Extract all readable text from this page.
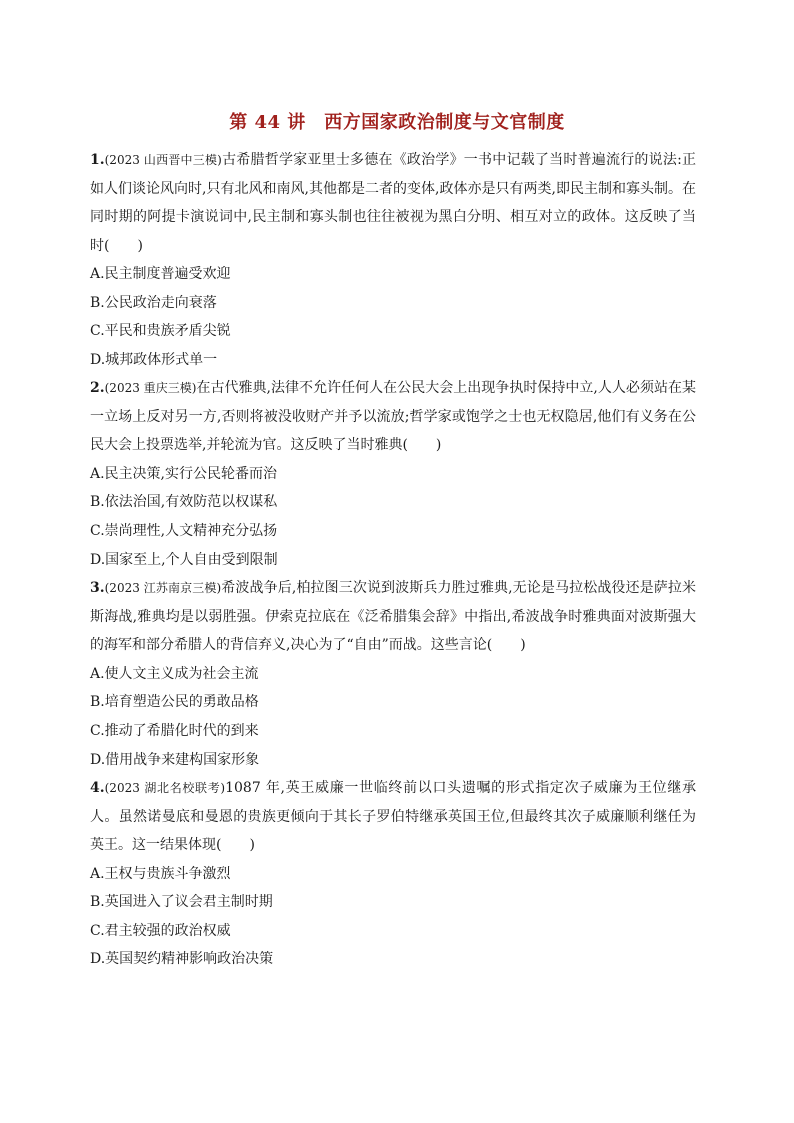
第 44 讲　西方国家政治制度与文官制度
1.(2023 山西晋中三模)古希腊哲学家亚里士多德在《政治学》一书中记载了当时普遍流行的说法:正如人们谈论风向时,只有北风和南风,其他都是二者的变体,政体亦是只有两类,即民主制和寡头制。在同时期的阿提卡演说词中,民主制和寡头制也往往被视为黑白分明、相互对立的政体。这反映了当时(　　)
A.民主制度普遍受欢迎
B.公民政治走向衰落
C.平民和贵族矛盾尖锐
D.城邦政体形式单一
2.(2023 重庆三模)在古代雅典,法律不允许任何人在公民大会上出现争执时保持中立,人人必须站在某一立场上反对另一方,否则将被没收财产并予以流放;哲学家或饱学之士也无权隐居,他们有义务在公民大会上投票选举,并轮流为官。这反映了当时雅典(　　)
A.民主决策,实行公民轮番而治
B.依法治国,有效防范以权谋私
C.崇尚理性,人文精神充分弘扬
D.国家至上,个人自由受到限制
3.(2023 江苏南京三模)希波战争后,柏拉图三次说到波斯兵力胜过雅典,无论是马拉松战役还是萨拉米斯海战,雅典均是以弱胜强。伊索克拉底在《泛希腊集会辞》中指出,希波战争时雅典面对波斯强大的海军和部分希腊人的背信弃义,决心为了“自由”而战。这些言论(　　)
A.使人文主义成为社会主流
B.培育塑造公民的勇敢品格
C.推动了希腊化时代的到来
D.借用战争来建构国家形象
4.(2023 湖北名校联考)1087 年,英王威廉一世临终前以口头遗嘱的形式指定次子威廉为王位继承人。虽然诺曼底和曼恩的贵族更倾向于其长子罗伯特继承英国王位,但最终其次子威廉顺利继任为英王。这一结果体现(　　)
A.王权与贵族斗争激烈
B.英国进入了议会君主制时期
C.君主较强的政治权威
D.英国契约精神影响政治决策
